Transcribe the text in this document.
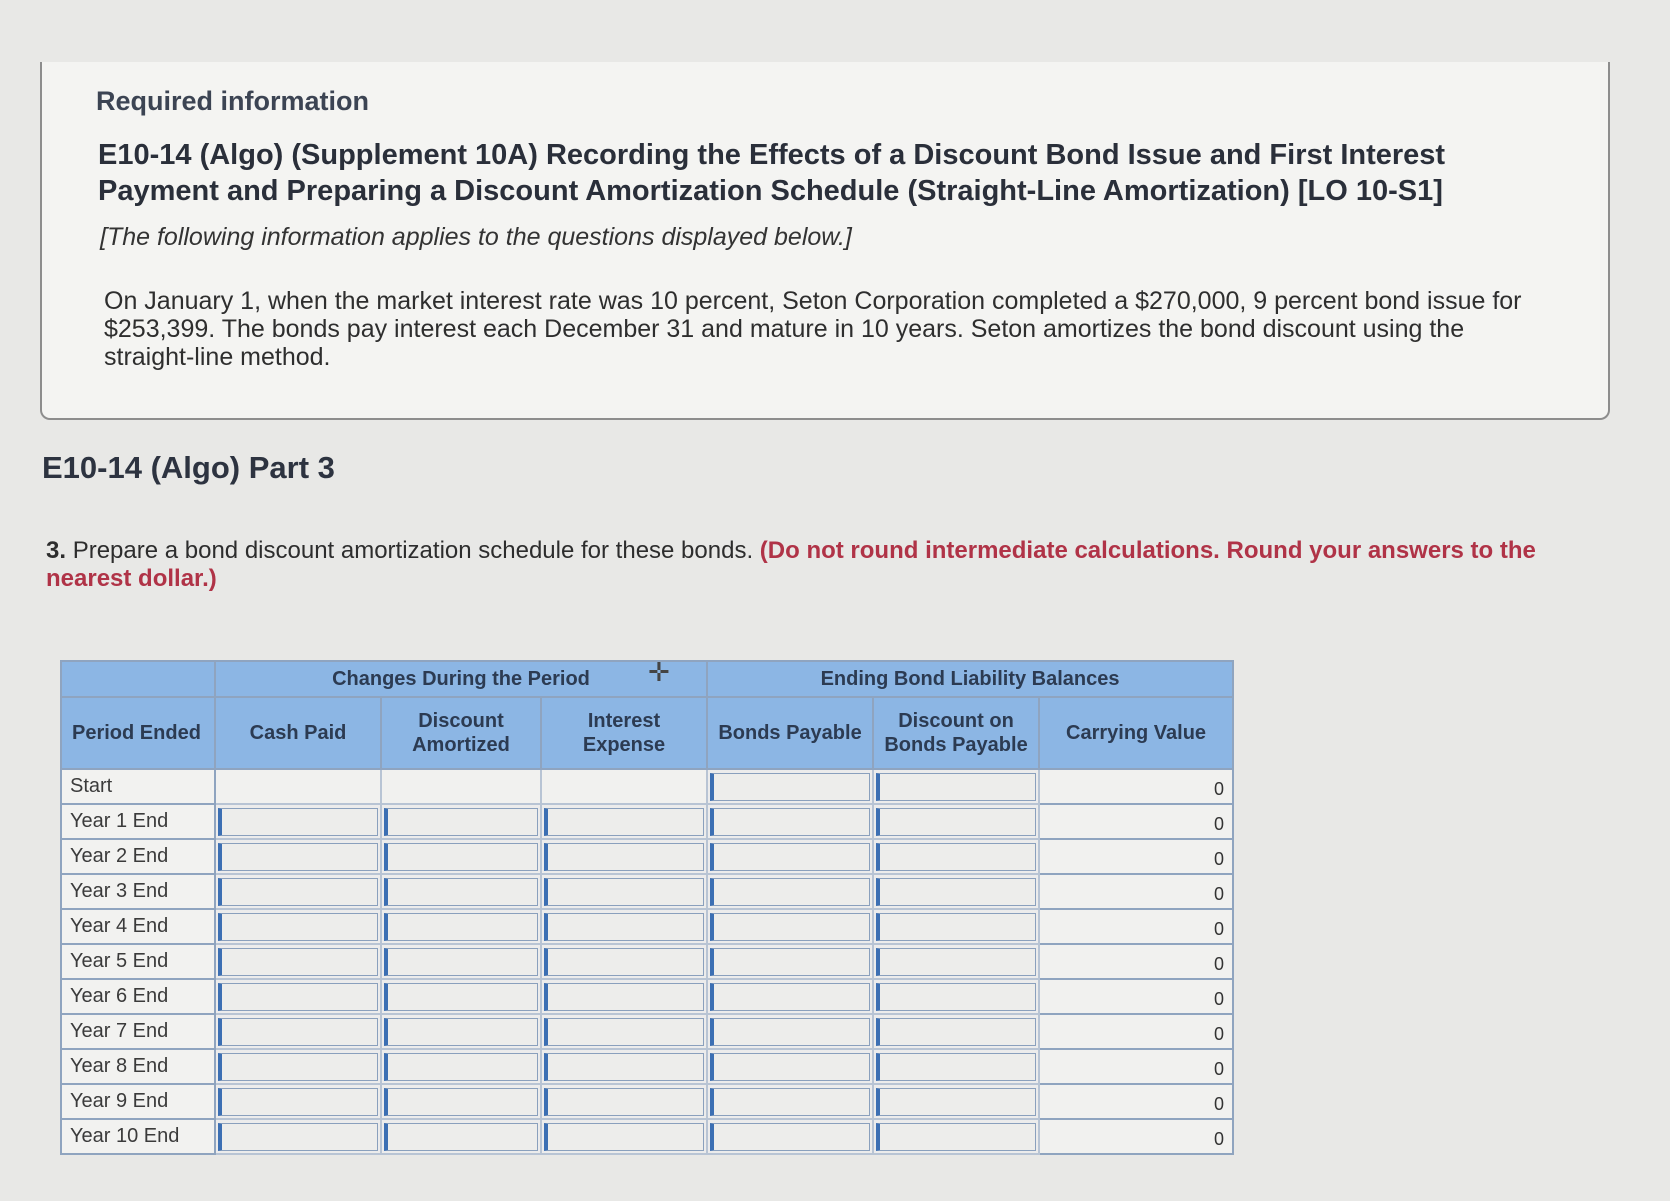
Required information
E10-14 (Algo) (Supplement 10A) Recording the Effects of a Discount Bond Issue and First Interest Payment and Preparing a Discount Amortization Schedule (Straight-Line Amortization) [LO 10-S1]
[The following information applies to the questions displayed below.]
On January 1, when the market interest rate was 10 percent, Seton Corporation completed a $270,000, 9 percent bond issue for $253,399. The bonds pay interest each December 31 and mature in 10 years. Seton amortizes the bond discount using the straight-line method.
E10-14 (Algo) Part 3
3. Prepare a bond discount amortization schedule for these bonds. (Do not round intermediate calculations. Round your answers to the nearest dollar.)
	Changes During the Period			Ending Bond Liability Balances		
Period Ended	Cash Paid	Discount Amortized	Interest Expense	Bonds Payable	Discount on Bonds Payable	Carrying Value
Start						0
Year 1 End						0
Year 2 End						0
Year 3 End						0
Year 4 End						0
Year 5 End						0
Year 6 End						0
Year 7 End						0
Year 8 End						0
Year 9 End						0
Year 10 End						0
✛
